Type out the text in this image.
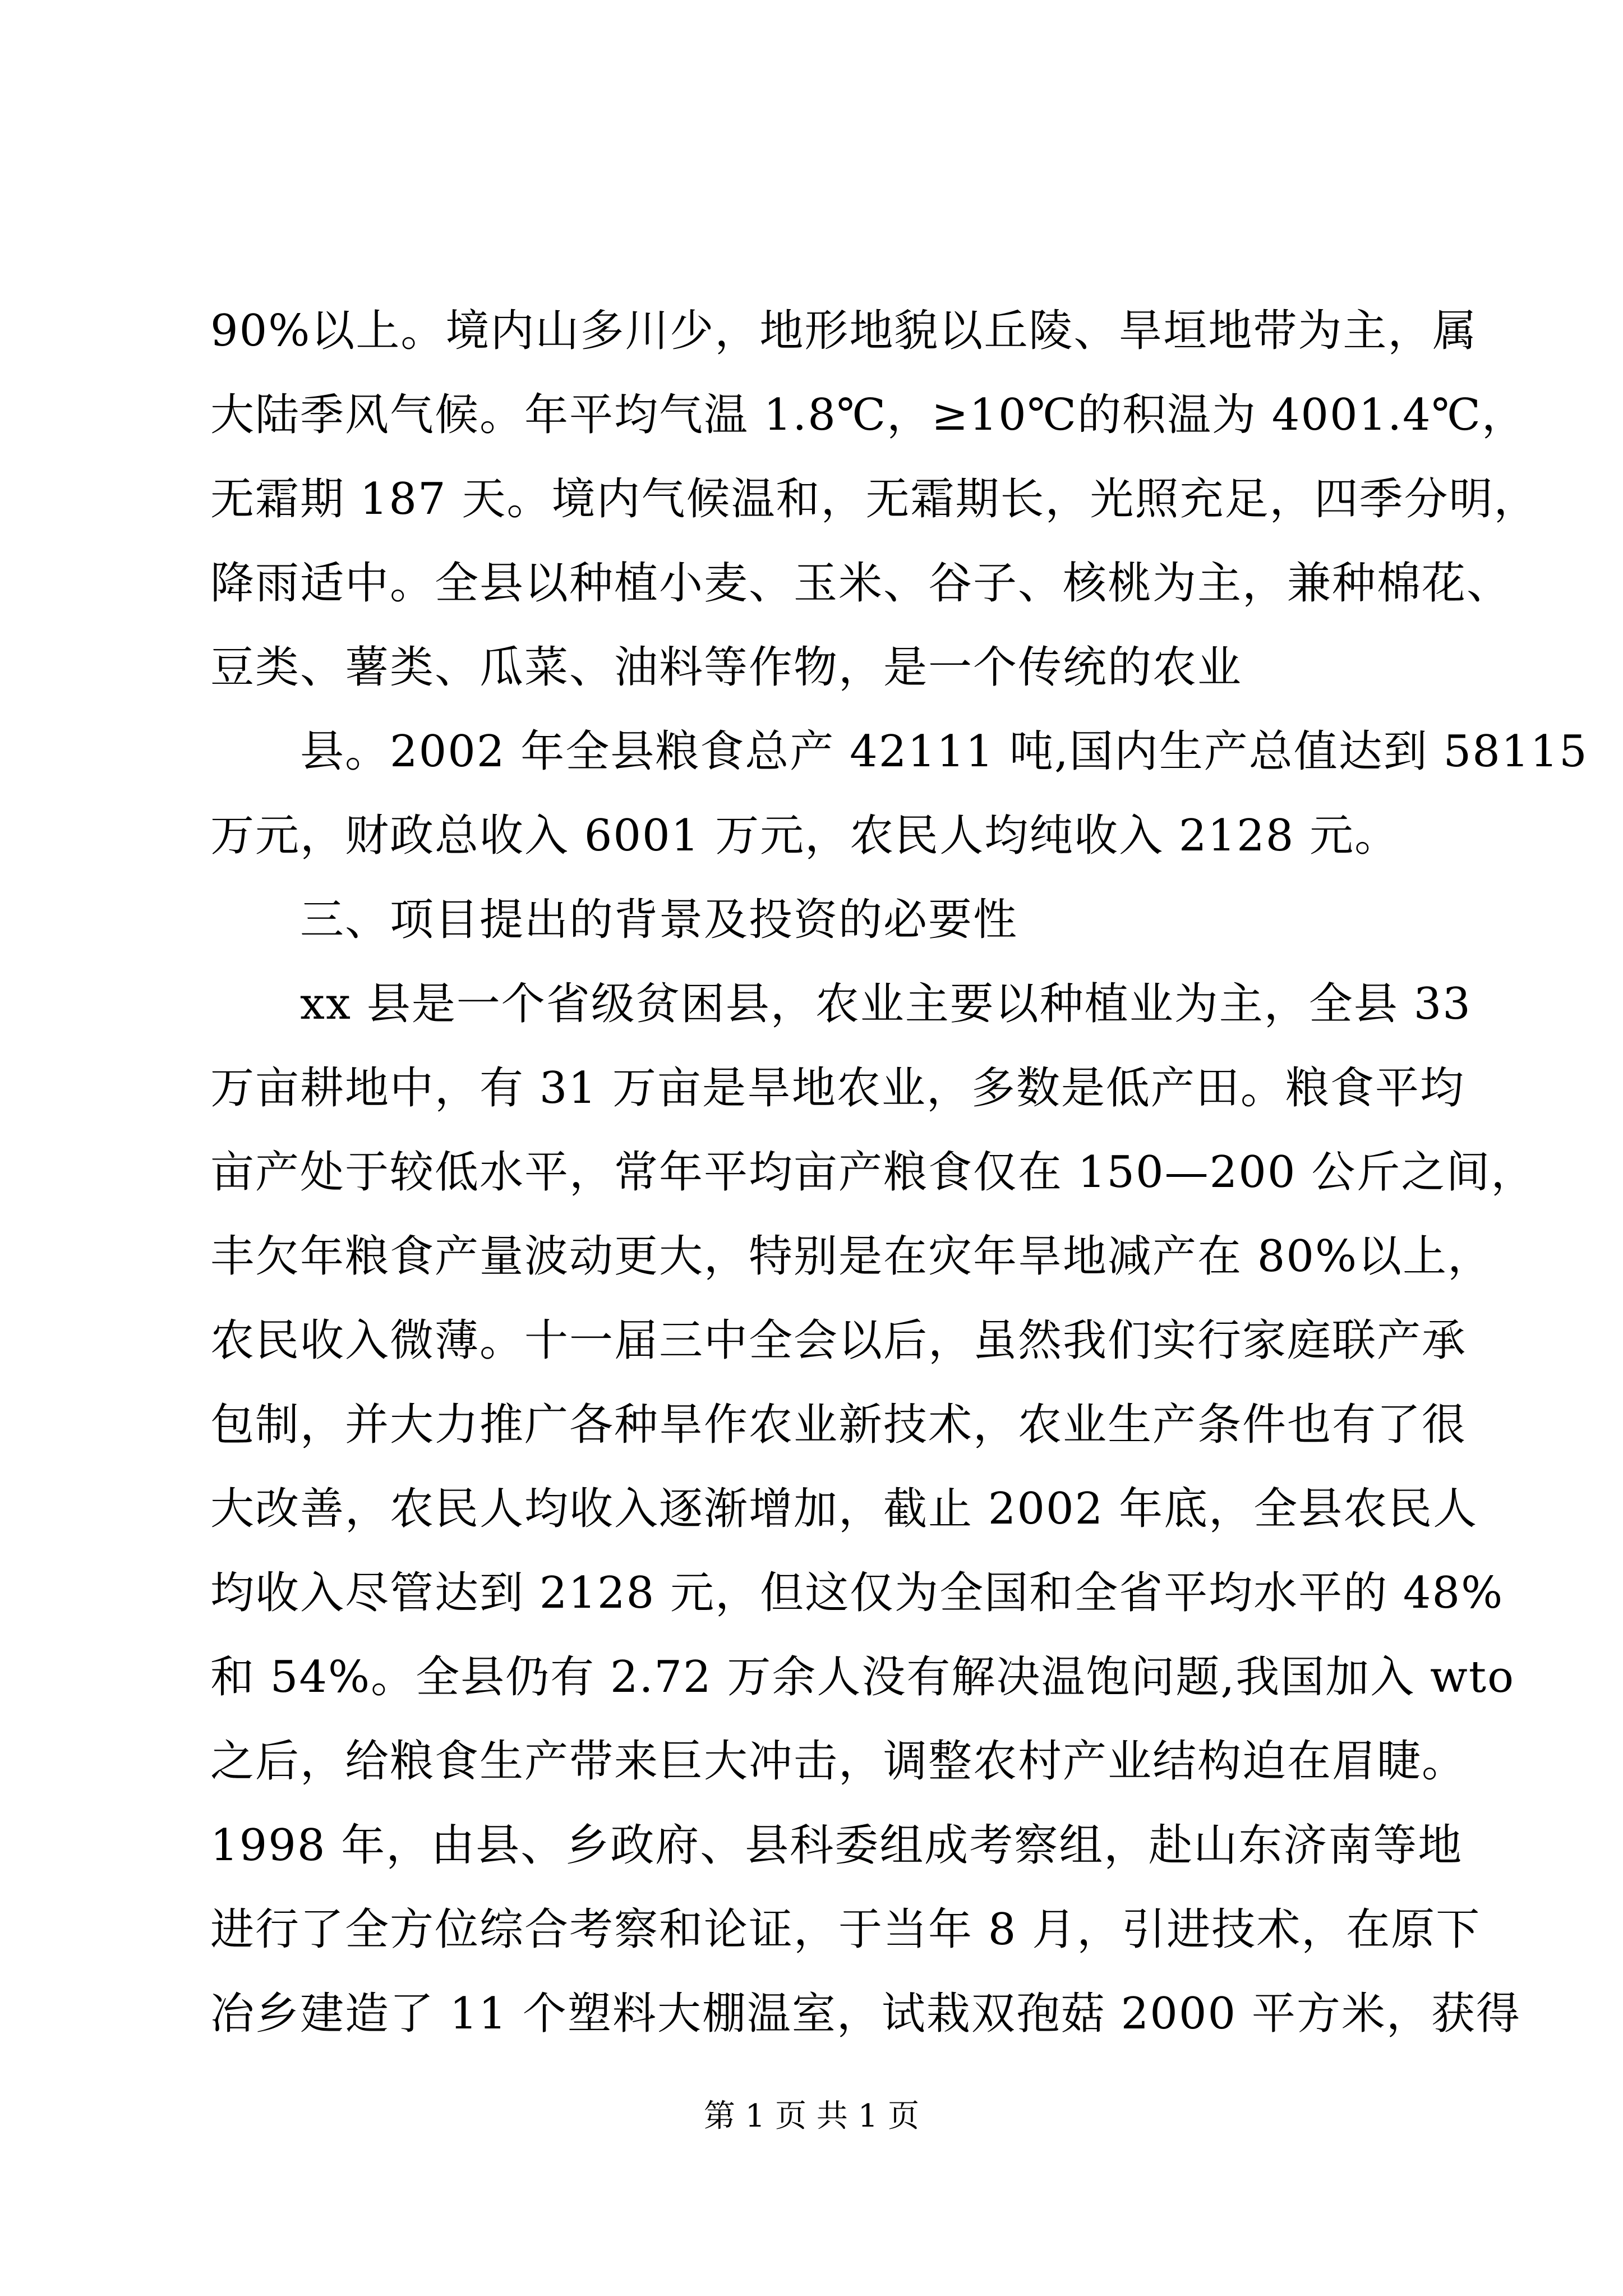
90%以上。境内山多川少，地形地貌以丘陵、旱垣地带为主，属
大陆季风气候。年平均气温 1.8℃，≥10℃的积温为 4001.4℃，
无霜期 187 天。境内气候温和，无霜期长，光照充足，四季分明，
降雨适中。全县以种植小麦、玉米、谷子、核桃为主，兼种棉花、
豆类、薯类、瓜菜、油料等作物，是一个传统的农业
　　县。2002 年全县粮食总产 42111 吨,国内生产总值达到 58115
万元，财政总收入 6001 万元，农民人均纯收入 2128 元。
　　三、项目提出的背景及投资的必要性
　　xx 县是一个省级贫困县，农业主要以种植业为主，全县 33
万亩耕地中，有 31 万亩是旱地农业，多数是低产田。粮食平均
亩产处于较低水平，常年平均亩产粮食仅在 150—200 公斤之间，
丰欠年粮食产量波动更大，特别是在灾年旱地减产在 80%以上，
农民收入微薄。十一届三中全会以后，虽然我们实行家庭联产承
包制，并大力推广各种旱作农业新技术，农业生产条件也有了很
大改善，农民人均收入逐渐增加，截止 2002 年底，全县农民人
均收入尽管达到 2128 元，但这仅为全国和全省平均水平的 48%
和 54%。全县仍有 2.72 万余人没有解决温饱问题,我国加入 wto
之后，给粮食生产带来巨大冲击，调整农村产业结构迫在眉睫。
1998 年，由县、乡政府、县科委组成考察组，赴山东济南等地
进行了全方位综合考察和论证，于当年 8 月，引进技术，在原下
冶乡建造了 11 个塑料大棚温室，试栽双孢菇 2000 平方米，获得
第 1 页 共 1 页
